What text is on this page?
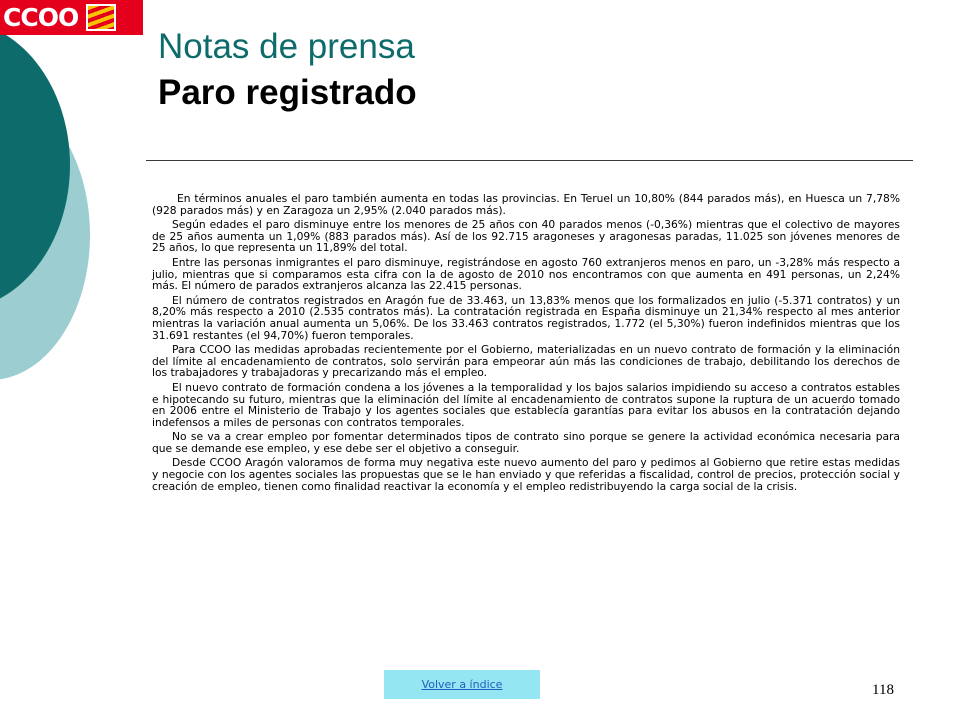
CCOO
Notas de prensa
Paro registrado

En términos anuales el paro también aumenta en todas las provincias. En Teruel un 10,80% (844 parados más), en Huesca un 7,78% (928 parados más) y en Zaragoza un 2,95% (2.040 parados más).

Según edades el paro disminuye entre los menores de 25 años con 40 parados menos (-0,36%) mientras que el colectivo de mayores de 25 años aumenta un 1,09% (883 parados más). Así de los 92.715 aragoneses y aragonesas paradas, 11.025 son jóvenes menores de 25 años, lo que representa un 11,89% del total.

Entre las personas inmigrantes el paro disminuye, registrándose en agosto 760 extranjeros menos en paro, un -3,28% más respecto a julio, mientras que si comparamos esta cifra con la de agosto de 2010 nos encontramos con que aumenta en 491 personas, un 2,24% más. El número de parados extranjeros alcanza las 22.415 personas.

El número de contratos registrados en Aragón fue de 33.463, un 13,83% menos que los formalizados en julio (-5.371 contratos) y un 8,20% más respecto a 2010 (2.535 contratos más). La contratación registrada en España disminuye un 21,34% respecto al mes anterior mientras la variación anual aumenta un 5,06%. De los 33.463 contratos registrados, 1.772 (el 5,30%) fueron indefinidos mientras que los 31.691 restantes (el 94,70%) fueron temporales.

Para CCOO las medidas aprobadas recientemente por el Gobierno, materializadas en un nuevo contrato de formación y la eliminación del límite al encadenamiento de contratos, solo servirán para empeorar aún más las condiciones de trabajo, debilitando los derechos de los trabajadores y trabajadoras y precarizando más el empleo.

El nuevo contrato de formación condena a los jóvenes a la temporalidad y los bajos salarios impidiendo su acceso a contratos estables e hipotecando su futuro, mientras que la eliminación del límite al encadenamiento de contratos supone la ruptura de un acuerdo tomado en 2006 entre el Ministerio de Trabajo y los agentes sociales que establecía garantías para evitar los abusos en la contratación dejando indefensos a miles de personas con contratos temporales.

No se va a crear empleo por fomentar determinados tipos de contrato sino porque se genere la actividad económica necesaria para que se demande ese empleo, y ese debe ser el objetivo a conseguir.

Desde CCOO Aragón valoramos de forma muy negativa este nuevo aumento del paro y pedimos al Gobierno que retire estas medidas y negocie con los agentes sociales las propuestas que se le han enviado y que referidas a fiscalidad, control de precios, protección social y creación de empleo, tienen como finalidad reactivar la economía y el empleo redistribuyendo la carga social de la crisis.

Volver a índice	118
